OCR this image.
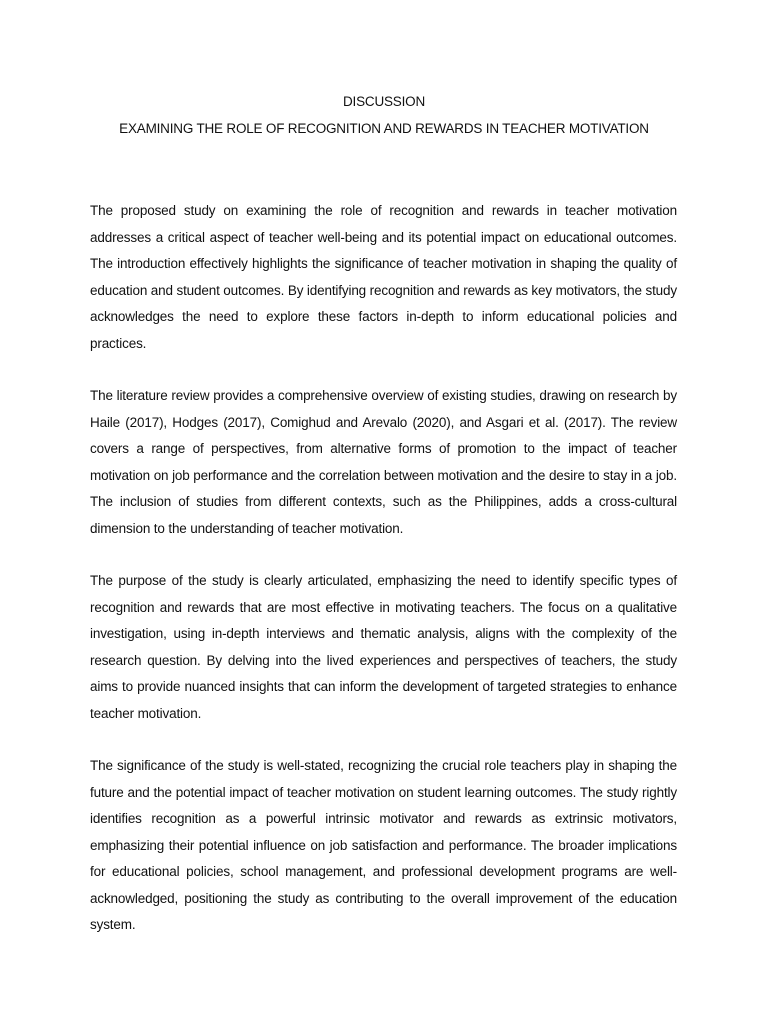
DISCUSSION
EXAMINING THE ROLE OF RECOGNITION AND REWARDS IN TEACHER MOTIVATION

The proposed study on examining the role of recognition and rewards in teacher motivation addresses a critical aspect of teacher well-being and its potential impact on educational outcomes. The introduction effectively highlights the significance of teacher motivation in shaping the quality of education and student outcomes. By identifying recognition and rewards as key motivators, the study acknowledges the need to explore these factors in-depth to inform educational policies and practices.

The literature review provides a comprehensive overview of existing studies, drawing on research by Haile (2017), Hodges (2017), Comighud and Arevalo (2020), and Asgari et al. (2017). The review covers a range of perspectives, from alternative forms of promotion to the impact of teacher motivation on job performance and the correlation between motivation and the desire to stay in a job. The inclusion of studies from different contexts, such as the Philippines, adds a cross-cultural dimension to the understanding of teacher motivation.

The purpose of the study is clearly articulated, emphasizing the need to identify specific types of recognition and rewards that are most effective in motivating teachers. The focus on a qualitative investigation, using in-depth interviews and thematic analysis, aligns with the complexity of the research question. By delving into the lived experiences and perspectives of teachers, the study aims to provide nuanced insights that can inform the development of targeted strategies to enhance teacher motivation.

The significance of the study is well-stated, recognizing the crucial role teachers play in shaping the future and the potential impact of teacher motivation on student learning outcomes. The study rightly identifies recognition as a powerful intrinsic motivator and rewards as extrinsic motivators, emphasizing their potential influence on job satisfaction and performance. The broader implications for educational policies, school management, and professional development programs are well-acknowledged, positioning the study as contributing to the overall improvement of the education system.
